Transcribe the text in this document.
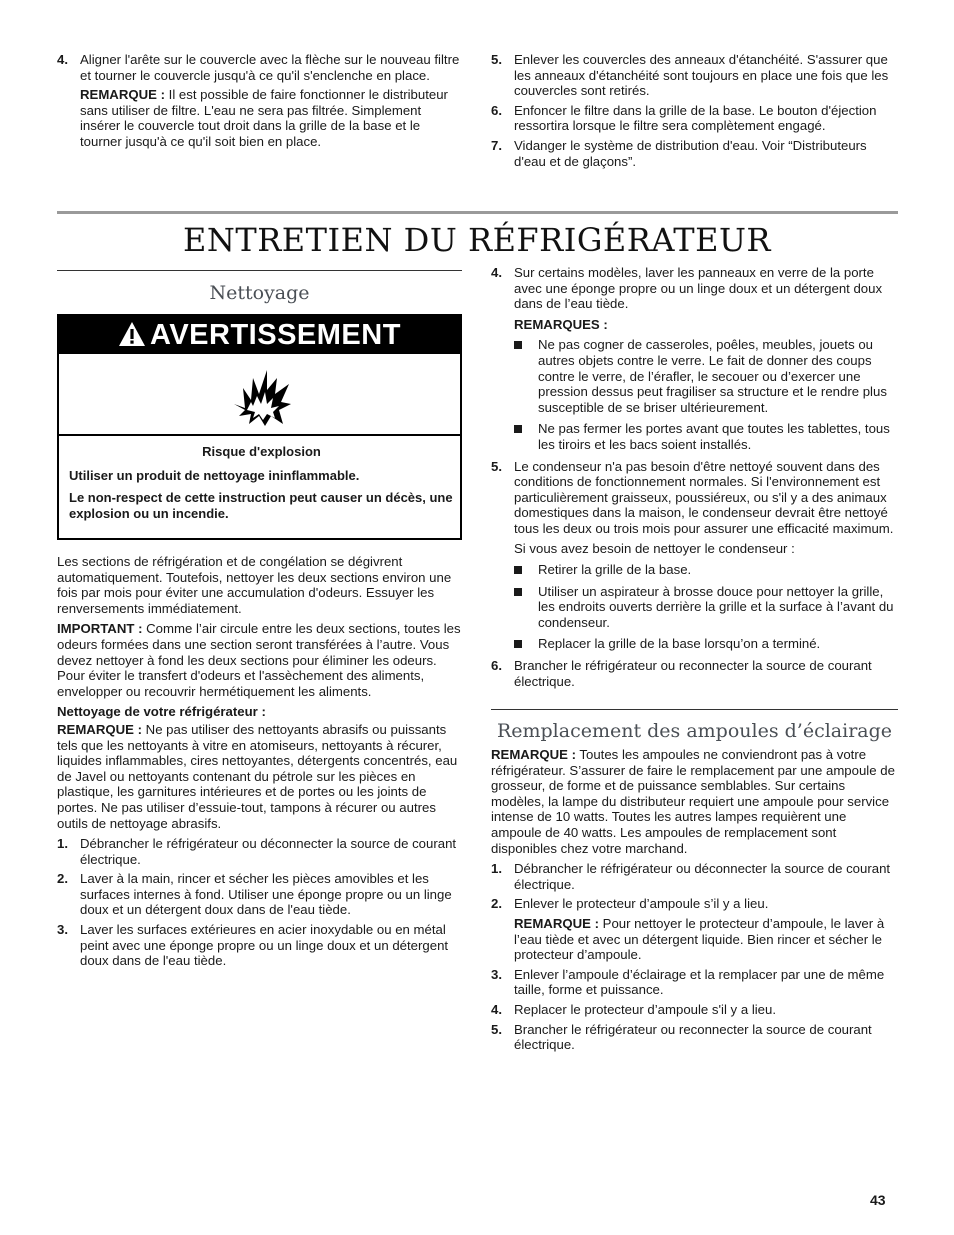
4. Aligner l'arête sur le couvercle avec la flèche sur le nouveau filtre et tourner le couvercle jusqu'à ce qu'il s'enclenche en place.

REMARQUE : Il est possible de faire fonctionner le distributeur sans utiliser de filtre. L'eau ne sera pas filtrée. Simplement insérer le couvercle tout droit dans la grille de la base et le tourner jusqu'à ce qu'il soit bien en place.

5. Enlever les couvercles des anneaux d'étanchéité. S'assurer que les anneaux d'étanchéité sont toujours en place une fois que les couvercles sont retirés.

6. Enfoncer le filtre dans la grille de la base. Le bouton d'éjection ressortira lorsque le filtre sera complètement engagé.

7. Vidanger le système de distribution d'eau. Voir “Distributeurs d'eau et de glaçons”.

ENTRETIEN DU RÉFRIGÉRATEUR
Nettoyage
AVERTISSEMENT

Risque d'explosion

Utiliser un produit de nettoyage ininflammable.

Le non-respect de cette instruction peut causer un décès, une explosion ou un incendie.

Les sections de réfrigération et de congélation se dégivrent automatiquement. Toutefois, nettoyer les deux sections environ une fois par mois pour éviter une accumulation d'odeurs. Essuyer les renversements immédiatement.

IMPORTANT : Comme l’air circule entre les deux sections, toutes les odeurs formées dans une section seront transférées à l’autre. Vous devez nettoyer à fond les deux sections pour éliminer les odeurs. Pour éviter le transfert d'odeurs et l'assèchement des aliments, envelopper ou recouvrir hermétiquement les aliments.

Nettoyage de votre réfrigérateur :

REMARQUE : Ne pas utiliser des nettoyants abrasifs ou puissants tels que les nettoyants à vitre en atomiseurs, nettoyants à récurer, liquides inflammables, cires nettoyantes, détergents concentrés, eau de Javel ou nettoyants contenant du pétrole sur les pièces en plastique, les garnitures intérieures et de portes ou les joints de portes. Ne pas utiliser d’essuie-tout, tampons à récurer ou autres outils de nettoyage abrasifs.

1. Débrancher le réfrigérateur ou déconnecter la source de courant électrique.

2. Laver à la main, rincer et sécher les pièces amovibles et les surfaces internes à fond. Utiliser une éponge propre ou un linge doux et un détergent doux dans de l'eau tiède.

3. Laver les surfaces extérieures en acier inoxydable ou en métal peint avec une éponge propre ou un linge doux et un détergent doux dans de l'eau tiède.

4. Sur certains modèles, laver les panneaux en verre de la porte avec une éponge propre ou un linge doux et un détergent doux dans de l’eau tiède.

REMARQUES :

Ne pas cogner de casseroles, poêles, meubles, jouets ou autres objets contre le verre. Le fait de donner des coups contre le verre, de l’érafler, le secouer ou d’exercer une pression dessus peut fragiliser sa structure et le rendre plus susceptible de se briser ultérieurement.

Ne pas fermer les portes avant que toutes les tablettes, tous les tiroirs et les bacs soient installés.

5. Le condenseur n'a pas besoin d'être nettoyé souvent dans des conditions de fonctionnement normales. Si l'environnement est particulièrement graisseux, poussiéreux, ou s'il y a des animaux domestiques dans la maison, le condenseur devrait être nettoyé tous les deux ou trois mois pour assurer une efficacité maximum.

Si vous avez besoin de nettoyer le condenseur :

Retirer la grille de la base.

Utiliser un aspirateur à brosse douce pour nettoyer la grille, les endroits ouverts derrière la grille et la surface à l’avant du condenseur.

Replacer la grille de la base lorsqu’on a terminé.

6. Brancher le réfrigérateur ou reconnecter la source de courant électrique.

Remplacement des ampoules d’éclairage

REMARQUE : Toutes les ampoules ne conviendront pas à votre réfrigérateur. S’assurer de faire le remplacement par une ampoule de grosseur, de forme et de puissance semblables. Sur certains modèles, la lampe du distributeur requiert une ampoule pour service intense de 10 watts. Toutes les autres lampes requièrent une ampoule de 40 watts. Les ampoules de remplacement sont disponibles chez votre marchand.

1. Débrancher le réfrigérateur ou déconnecter la source de courant électrique.

2. Enlever le protecteur d’ampoule s’il y a lieu.

REMARQUE : Pour nettoyer le protecteur d’ampoule, le laver à l’eau tiède et avec un détergent liquide. Bien rincer et sécher le protecteur d’ampoule.

3. Enlever l’ampoule d’éclairage et la remplacer par une de même taille, forme et puissance.

4. Replacer le protecteur d’ampoule s'il y a lieu.

5. Brancher le réfrigérateur ou reconnecter la source de courant électrique.

43
